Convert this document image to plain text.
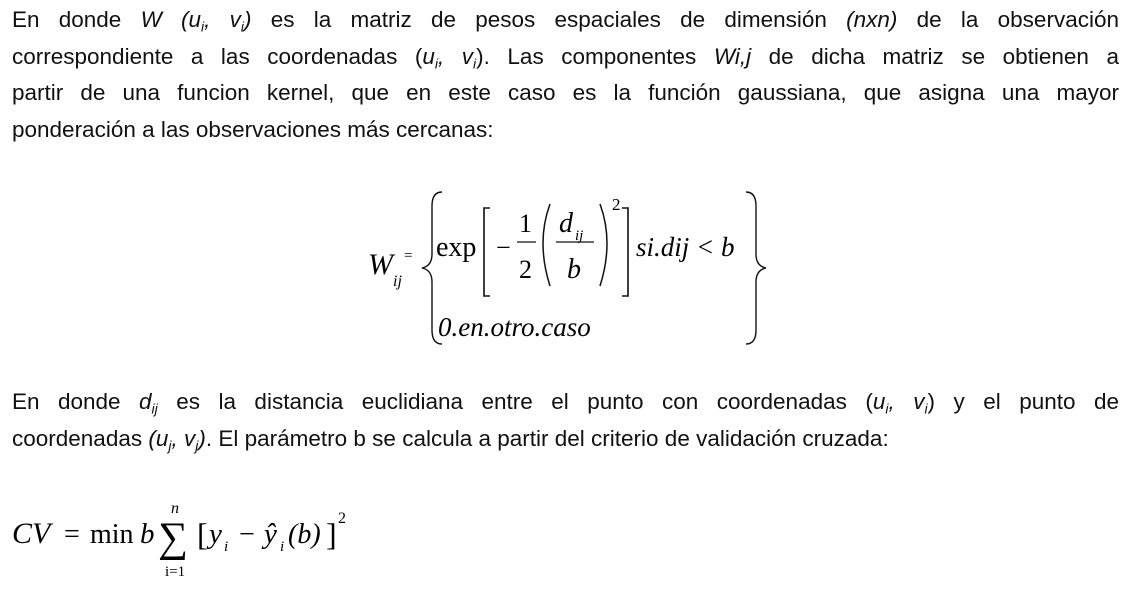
En donde W ($u_i$, $v_i$) es la matriz de pesos espaciales de dimensión (nxn) de la observación
correspondiente a las coordenadas ($u_i$, $v_i$). Las componentes Wi,j de dicha matriz se obtienen a
partir de una funcion kernel, que en este caso es la función gaussiana, que asigna una mayor
ponderación a las observaciones más cercanas:
W
ij
= exp −
1
2
d ij
b
2
si.dij < b
0.en.otro.caso
En donde $d_{ij}$ es la distancia euclidiana entre el punto con coordenadas ($u_i$, $v_i$) y el punto de
coordenadas ($u_j$, $v_j$). El parámetro b se calcula a partir del criterio de validación cruzada:
CV = min b ∑
n
i=1
[ y i − ŷ i (b) ] 2
